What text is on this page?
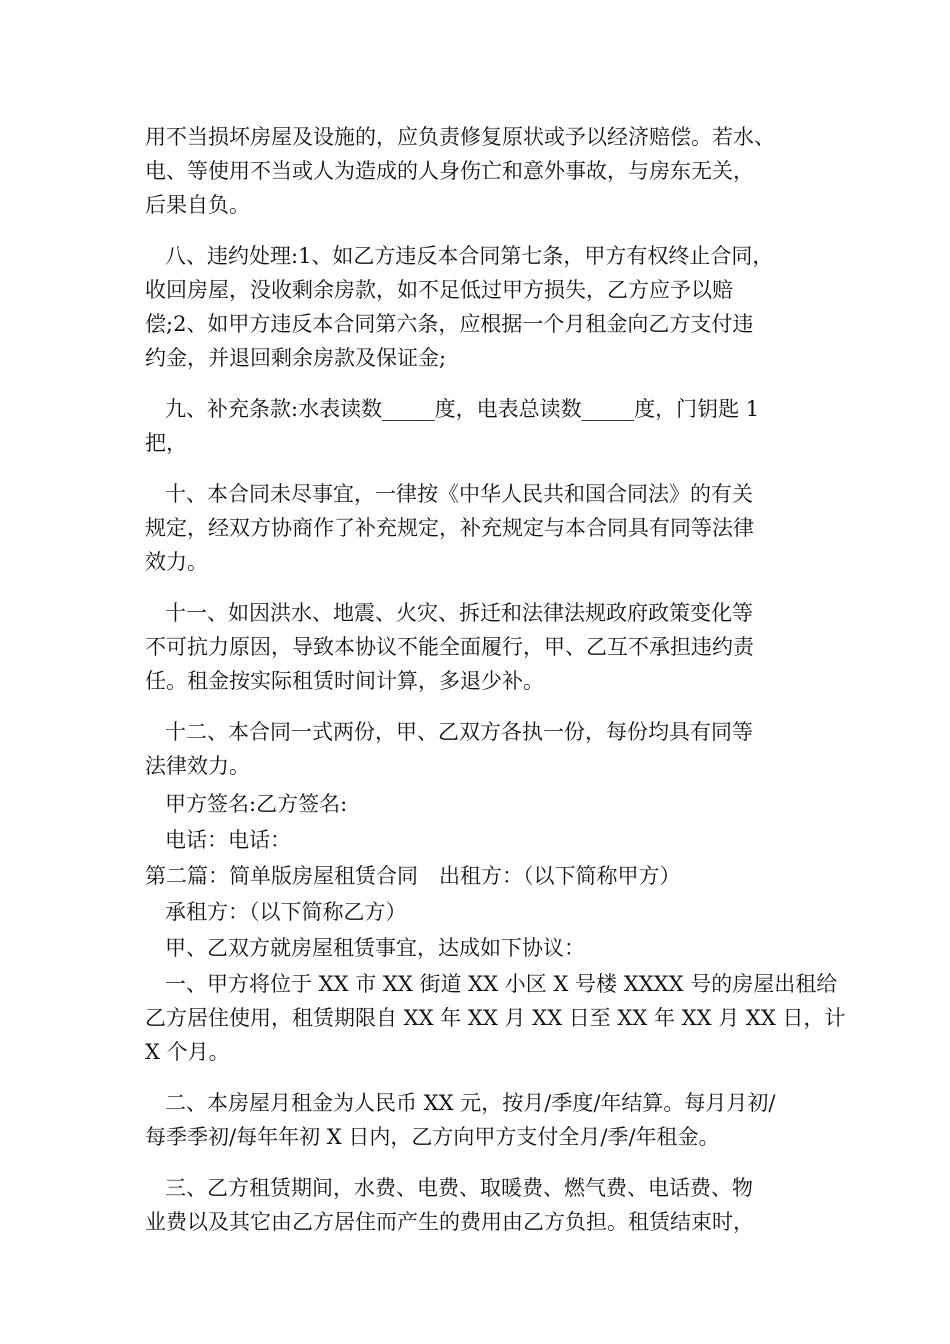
用不当损坏房屋及设施的，应负责修复原状或予以经济赔偿。若水、
电、等使用不当或人为造成的人身伤亡和意外事故，与房东无关，
后果自负。
八、违约处理:1、如乙方违反本合同第七条，甲方有权终止合同，
收回房屋，没收剩余房款，如不足低过甲方损失，乙方应予以赔
偿;2、如甲方违反本合同第六条，应根据一个月租金向乙方支付违
约金，并退回剩余房款及保证金;
九、补充条款:水表读数_____度，电表总读数_____度，门钥匙 1
把，
十、本合同未尽事宜，一律按《中华人民共和国合同法》的有关
规定，经双方协商作了补充规定，补充规定与本合同具有同等法律
效力。
十一、如因洪水、地震、火灾、拆迁和法律法规政府政策变化等
不可抗力原因，导致本协议不能全面履行，甲、乙互不承担违约责
任。租金按实际租赁时间计算，多退少补。
十二、本合同一式两份，甲、乙双方各执一份，每份均具有同等
法律效力。
甲方签名:乙方签名:
电话：电话：
第二篇：简单版房屋租赁合同　出租方：（以下简称甲方）
承租方：（以下简称乙方）
甲、乙双方就房屋租赁事宜，达成如下协议：
一、甲方将位于 XX 市 XX 街道 XX 小区 X 号楼 XXXX 号的房屋出租给
乙方居住使用，租赁期限自 XX 年 XX 月 XX 日至 XX 年 XX 月 XX 日，计
X 个月。
二、本房屋月租金为人民币 XX 元，按月/季度/年结算。每月月初/
每季季初/每年年初 X 日内，乙方向甲方支付全月/季/年租金。
三、乙方租赁期间，水费、电费、取暖费、燃气费、电话费、物
业费以及其它由乙方居住而产生的费用由乙方负担。租赁结束时，
